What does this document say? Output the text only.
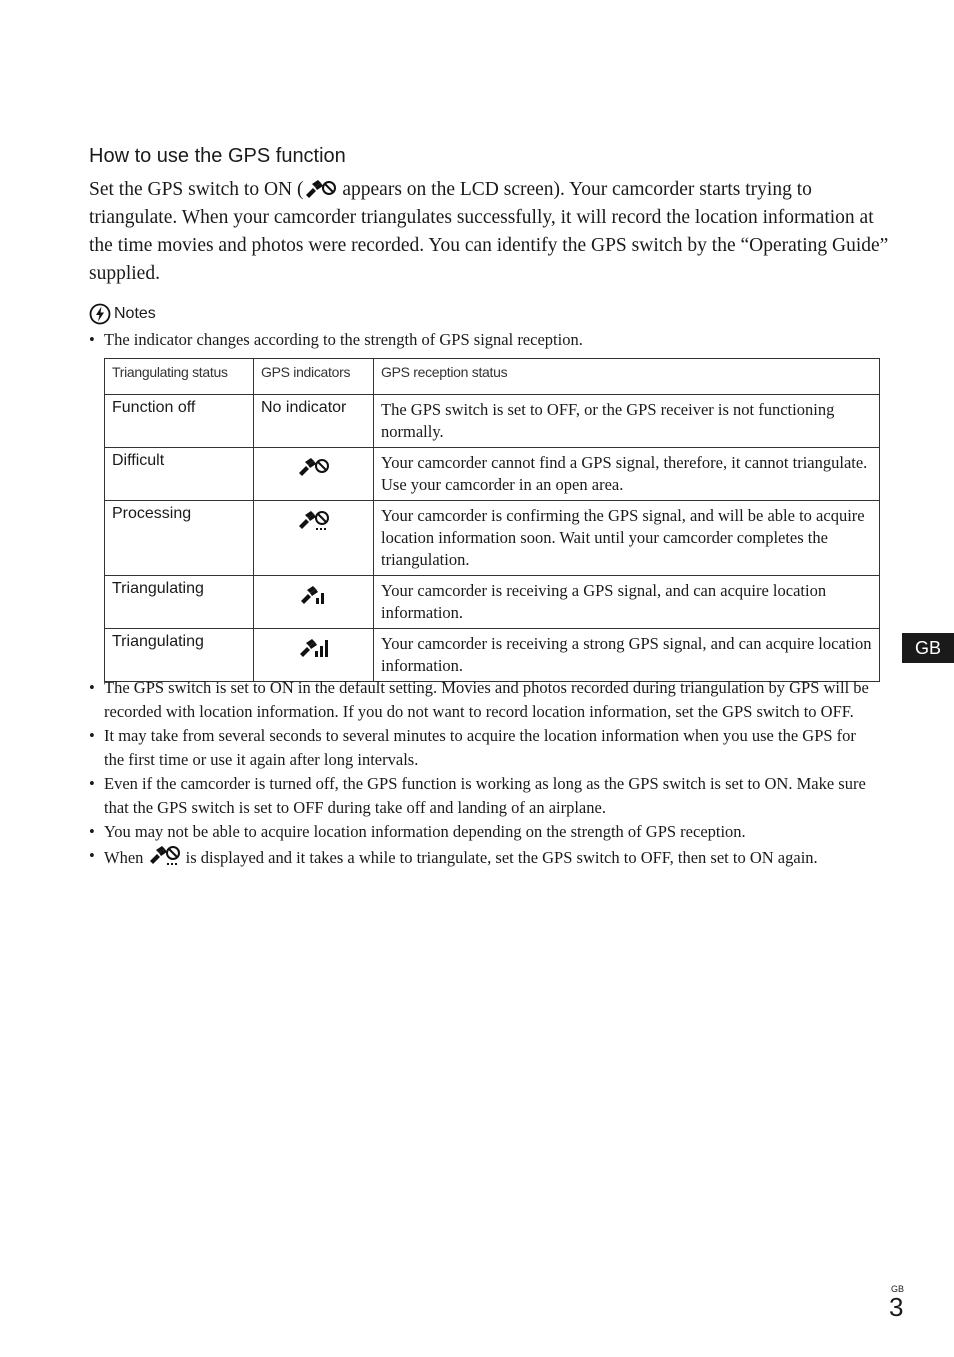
How to use the GPS function

Set the GPS switch to ON ( appears on the LCD screen). Your camcorder starts trying to triangulate. When your camcorder triangulates successfully, it will record the location information at the time movies and photos were recorded. You can identify the GPS switch by the “Operating Guide” supplied.

Notes
• The indicator changes according to the strength of GPS signal reception.
Triangulating status	GPS indicators	GPS reception status
Function off	No indicator	The GPS switch is set to OFF, or the GPS receiver is not functioning normally.
Difficult		Your camcorder cannot find a GPS signal, therefore, it cannot triangulate. Use your camcorder in an open area.
Processing		Your camcorder is confirming the GPS signal, and will be able to acquire location information soon. Wait until your camcorder completes the triangulation.
Triangulating		Your camcorder is receiving a GPS signal, and can acquire location information.
Triangulating		Your camcorder is receiving a strong GPS signal, and can acquire location information.
• The GPS switch is set to ON in the default setting. Movies and photos recorded during triangulation by GPS will be recorded with location information. If you do not want to record location information, set the GPS switch to OFF.
• It may take from several seconds to several minutes to acquire the location information when you use the GPS for the first time or use it again after long intervals.
• Even if the camcorder is turned off, the GPS function is working as long as the GPS switch is set to ON. Make sure that the GPS switch is set to OFF during take off and landing of an airplane.
• You may not be able to acquire location information depending on the strength of GPS reception.
• When  is displayed and it takes a while to triangulate, set the GPS switch to OFF, then set to ON again.
GB
GB
3
